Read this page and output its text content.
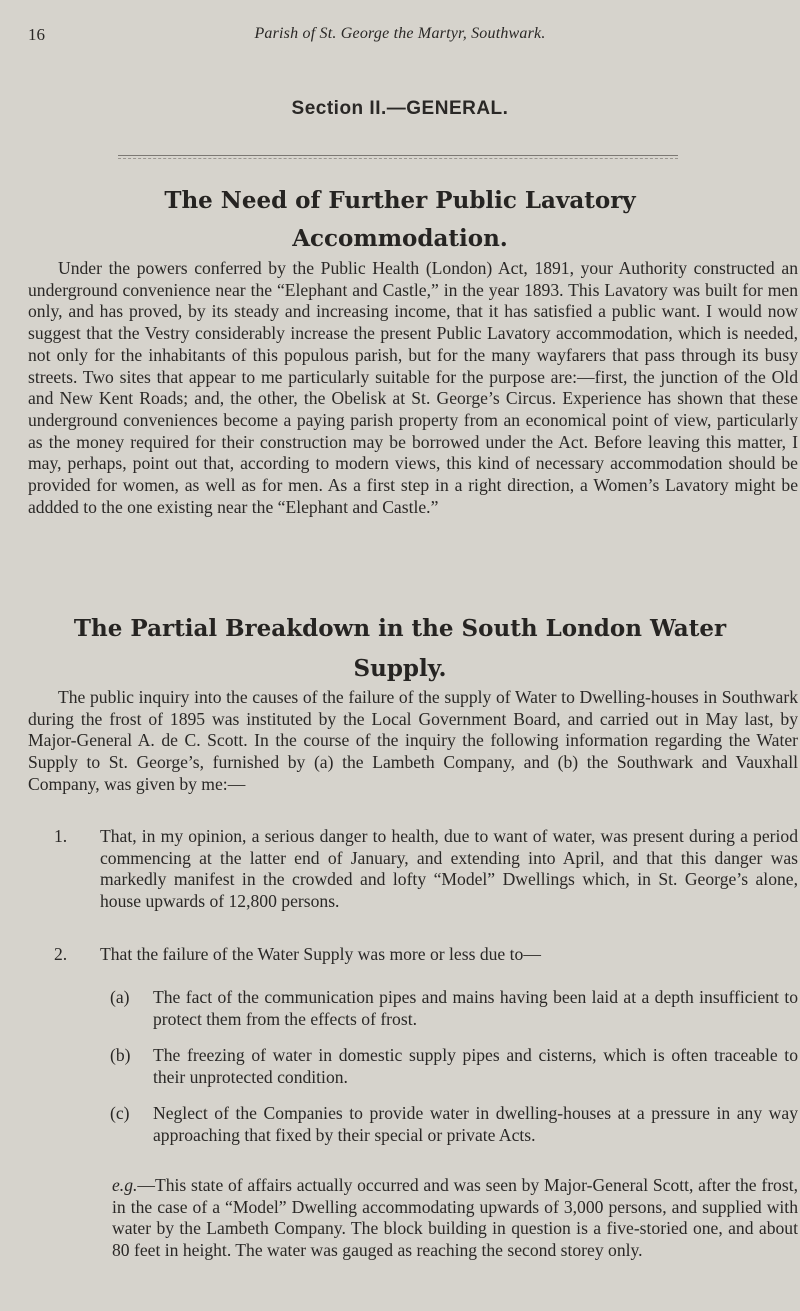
16	Parish of St. George the Martyr, Southwark.
Section II.—GENERAL.
The Need of Further Public Lavatory Accommodation.

Under the powers conferred by the Public Health (London) Act, 1891, your Authority constructed an underground convenience near the “Elephant and Castle,” in the year 1893. This Lavatory was built for men only, and has proved, by its steady and increasing income, that it has satisfied a public want. I would now suggest that the Vestry considerably increase the present Public Lavatory accommodation, which is needed, not only for the inhabitants of this populous parish, but for the many wayfarers that pass through its busy streets. Two sites that appear to me particularly suitable for the purpose are:—first, the junction of the Old and New Kent Roads; and, the other, the Obelisk at St. George’s Circus. Experience has shown that these underground conveniences become a paying parish property from an economical point of view, particularly as the money required for their construction may be borrowed under the Act. Before leaving this matter, I may, perhaps, point out that, according to modern views, this kind of necessary accommodation should be provided for women, as well as for men. As a first step in a right direction, a Women’s Lavatory might be addded to the one existing near the “Elephant and Castle.”

The Partial Breakdown in the South London Water Supply.

The public inquiry into the causes of the failure of the supply of Water to Dwelling-houses in Southwark during the frost of 1895 was instituted by the Local Government Board, and carried out in May last, by Major-General A. de C. Scott. In the course of the inquiry the following information regarding the Water Supply to St. George’s, furnished by (a) the Lambeth Company, and (b) the Southwark and Vauxhall Company, was given by me:—

1. That, in my opinion, a serious danger to health, due to want of water, was present during a period commencing at the latter end of January, and extending into April, and that this danger was markedly manifest in the crowded and lofty “Model” Dwellings which, in St. George’s alone, house upwards of 12,800 persons.
2. That the failure of the Water Supply was more or less due to—
(a) The fact of the communication pipes and mains having been laid at a depth insufficient to protect them from the effects of frost.
(b) The freezing of water in domestic supply pipes and cisterns, which is often traceable to their unprotected condition.
(c) Neglect of the Companies to provide water in dwelling-houses at a pressure in any way approaching that fixed by their special or private Acts.
e.g.—This state of affairs actually occurred and was seen by Major-General Scott, after the frost, in the case of a “Model” Dwelling accommodating upwards of 3,000 persons, and supplied with water by the Lambeth Company. The block building in question is a five-storied one, and about 80 feet in height. The water was gauged as reaching the second storey only.
